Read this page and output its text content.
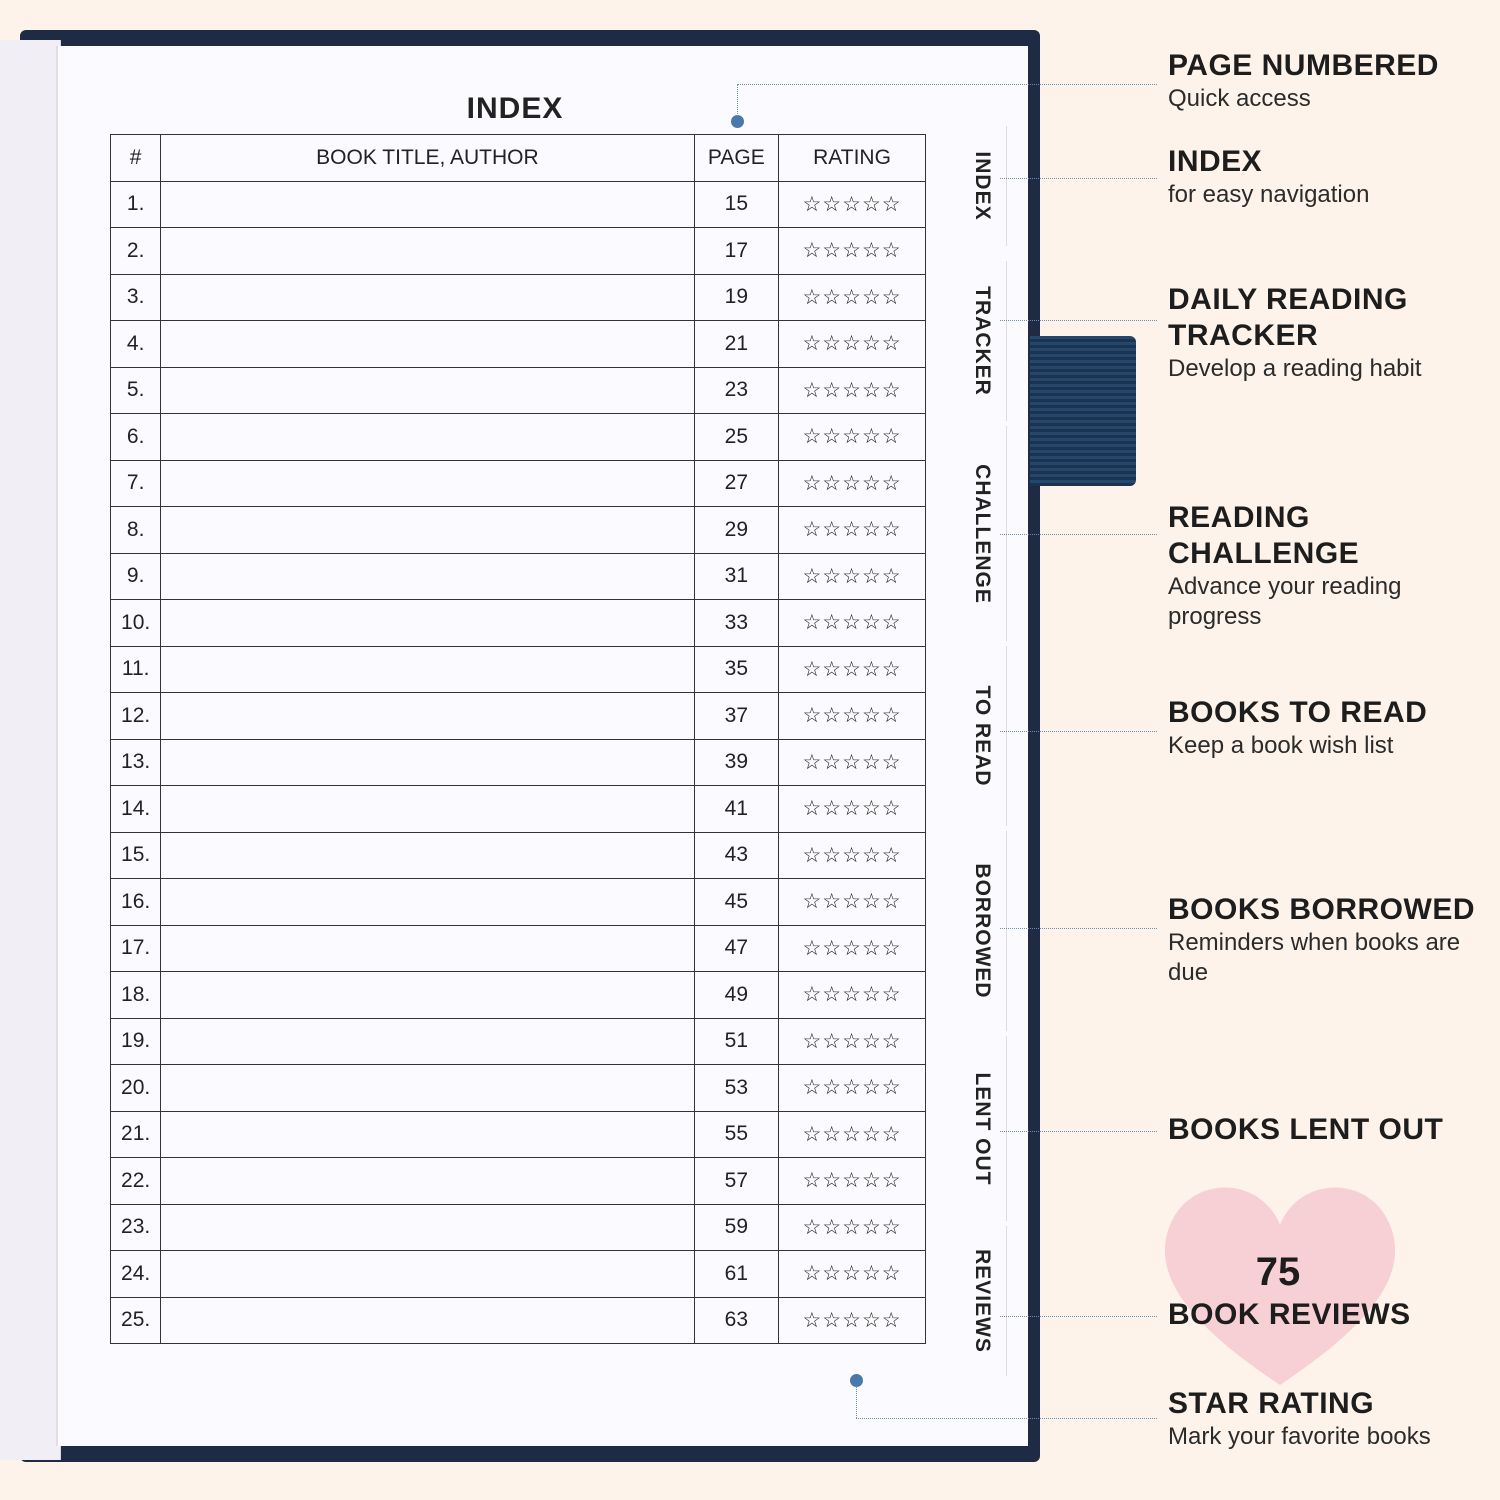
INDEX
#	BOOK TITLE, AUTHOR	PAGE	RATING
1.		15	☆☆☆☆☆
2.		17	☆☆☆☆☆
3.		19	☆☆☆☆☆
4.		21	☆☆☆☆☆
5.		23	☆☆☆☆☆
6.		25	☆☆☆☆☆
7.		27	☆☆☆☆☆
8.		29	☆☆☆☆☆
9.		31	☆☆☆☆☆
10.		33	☆☆☆☆☆
11.		35	☆☆☆☆☆
12.		37	☆☆☆☆☆
13.		39	☆☆☆☆☆
14.		41	☆☆☆☆☆
15.		43	☆☆☆☆☆
16.		45	☆☆☆☆☆
17.		47	☆☆☆☆☆
18.		49	☆☆☆☆☆
19.		51	☆☆☆☆☆
20.		53	☆☆☆☆☆
21.		55	☆☆☆☆☆
22.		57	☆☆☆☆☆
23.		59	☆☆☆☆☆
24.		61	☆☆☆☆☆
25.		63	☆☆☆☆☆
INDEX
TRACKER
CHALLENGE
TO READ
BORROWED
LENT OUT
REVIEWS
PAGE NUMBERED
Quick access
INDEX
for easy navigation
DAILY READING
TRACKER
Develop a reading habit
READING CHALLENGE
Advance your reading progress
BOOKS TO READ
Keep a book wish list
BOOKS BORROWED
Reminders when books are due
BOOKS LENT OUT
75
BOOK REVIEWS
STAR RATING
Mark your favorite books
